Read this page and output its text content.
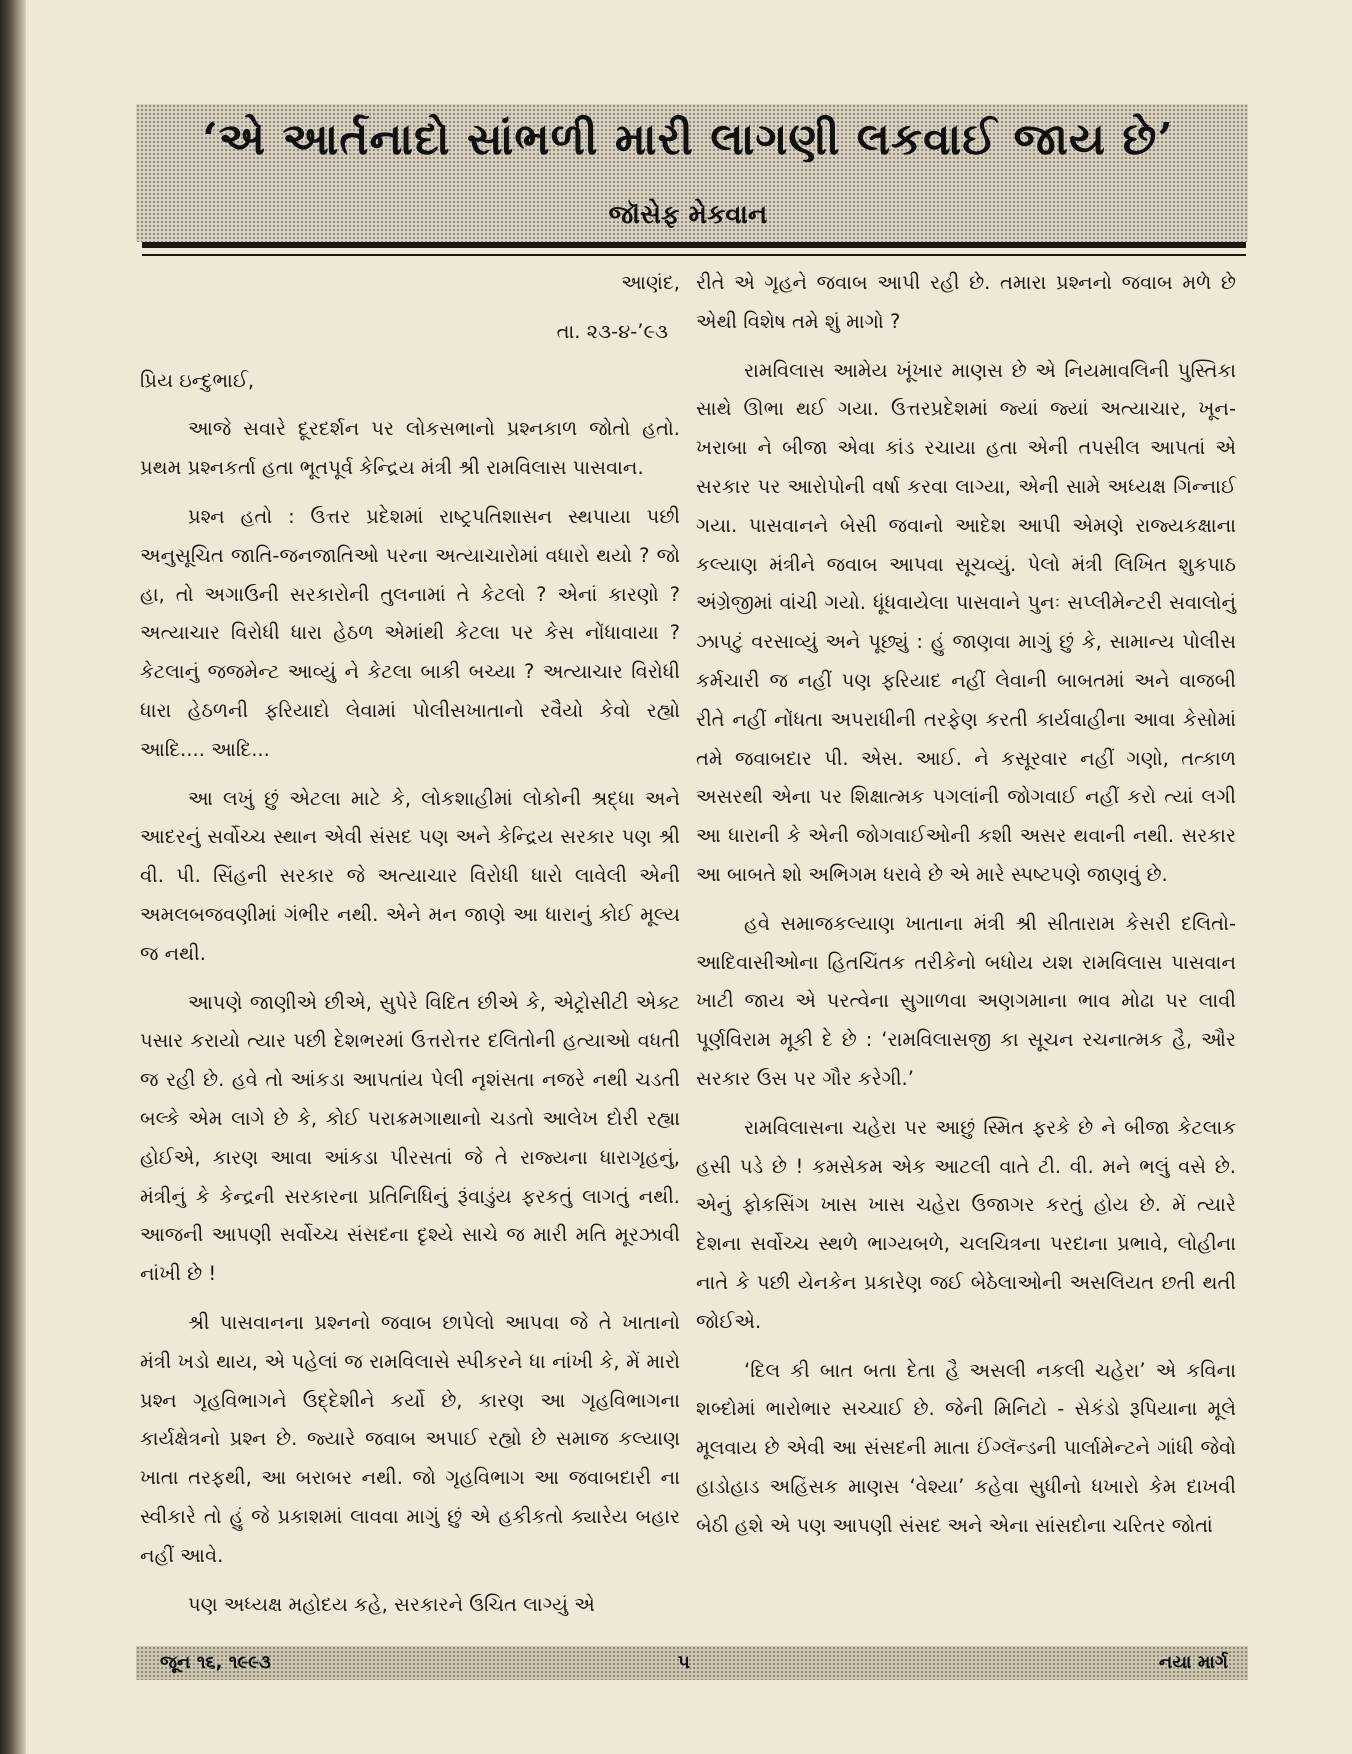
‘એ આર્તનાદો સાંભળી મારી લાગણી લકવાઈ જાય છે’
જૉસેફ મેકવાન

આણંદ,

તા. ૨૩-૪-’૯૩

પ્રિય ઇન્દુભાઈ,

આજે સવારે દૂરદર્શન પર લોકસભાનો પ્રશ્નકાળ જોતો હતો. પ્રથમ પ્રશ્નકર્તા હતા ભૂતપૂર્વ કેન્દ્રિય મંત્રી શ્રી રામવિલાસ પાસવાન.

પ્રશ્ન હતો : ઉત્તર પ્રદેશમાં રાષ્ટ્રપતિશાસન સ્થપાયા પછી અનુસૂચિત જાતિ-જનજાતિઓ પરના અત્યાચારોમાં વધારો થયો ? જો હા, તો અગાઉની સરકારોની તુલનામાં તે કેટલો ? એનાં કારણો ? અત્યાચાર વિરોધી ધારા હેઠળ એમાંથી કેટલા પર કેસ નોંધાવાયા ? કેટલાનું જજમેન્ટ આવ્યું ને કેટલા બાકી બચ્યા ? અત્યાચાર વિરોધી ધારા હેઠળની ફરિયાદો લેવામાં પોલીસખાતાનો રવૈયો કેવો રહ્યો આદિ.... આદિ...

આ લખું છું એટલા માટે કે, લોકશાહીમાં લોકોની શ્રદ્ધા અને આદરનું સર્વોચ્ચ સ્થાન એવી સંસદ પણ અને કેન્દ્રિય સરકાર પણ શ્રી વી. પી. સિંહની સરકાર જે અત્યાચાર વિરોધી ધારો લાવેલી એની અમલબજવણીમાં ગંભીર નથી. એને મન જાણે આ ધારાનું કોઈ મૂલ્ય જ નથી.

આપણે જાણીએ છીએ, સુપેરે વિદિત છીએ કે, એટ્રોસીટી એક્ટ પસાર કરાયો ત્યાર પછી દેશભરમાં ઉત્તરોત્તર દલિતોની હત્યાઓ વધતી જ રહી છે. હવે તો આંકડા આપતાંય પેલી નૃશંસતા નજરે નથી ચડતી બલ્કે એમ લાગે છે કે, કોઈ પરાક્રમગાથાનો ચડતો આલેખ દોરી રહ્યા હોઈએ, કારણ આવા આંકડા પીરસતાં જે તે રાજ્યના ધારાગૃહનું, મંત્રીનું કે કેન્દ્રની સરકારના પ્રતિનિધિનું રૂંવાડુંય ફરકતું લાગતું નથી. આજની આપણી સર્વોચ્ચ સંસદના દૃશ્યે સાચે જ મારી મતિ મૂરઝાવી નાંખી છે !

શ્રી પાસવાનના પ્રશ્નનો જવાબ છાપેલો આપવા જે તે ખાતાનો મંત્રી ખડો થાય, એ પહેલાં જ રામવિલાસે સ્પીકરને ધા નાંખી કે, મેં મારો પ્રશ્ન ગૃહવિભાગને ઉદ્દેશીને કર્યો છે, કારણ આ ગૃહવિભાગના કાર્યક્ષેત્રનો પ્રશ્ન છે. જ્યારે જવાબ અપાઈ રહ્યો છે સમાજ કલ્યાણ ખાતા તરફથી, આ બરાબર નથી. જો ગૃહવિભાગ આ જવાબદારી ના સ્વીકારે તો હું જે પ્રકાશમાં લાવવા માગું છું એ હકીકતો ક્યારેય બહાર નહીં આવે.

પણ અધ્યક્ષ મહોદય કહે, સરકારને ઉચિત લાગ્યું એ

રીતે એ ગૃહને જવાબ આપી રહી છે. તમારા પ્રશ્નનો જવાબ મળે છે એથી વિશેષ તમે શું માગો ?

રામવિલાસ આમેય ખૂંખાર માણસ છે એ નિયમાવલિની પુસ્તિકા સાથે ઊભા થઈ ગયા. ઉત્તરપ્રદેશમાં જ્યાં જ્યાં અત્યાચાર, ખૂન-ખરાબા ને બીજા એવા કાંડ રચાયા હતા એની તપસીલ આપતાં એ સરકાર પર આરોપોની વર્ષા કરવા લાગ્યા, એની સામે અધ્યક્ષ ગિન્નાઈ ગયા. પાસવાનને બેસી જવાનો આદેશ આપી એમણે રાજ્યકક્ષાના કલ્યાણ મંત્રીને જવાબ આપવા સૂચવ્યું. પેલો મંત્રી લિખિત શુકપાઠ અંગ્રેજીમાં વાંચી ગયો. ધૂંધવાયેલા પાસવાને પુનઃ સપ્લીમેન્ટરી સવાલોનું ઝાપટું વરસાવ્યું અને પૂછ્યું : હું જાણવા માગું છું કે, સામાન્ય પોલીસ કર્મચારી જ નહીં પણ ફરિયાદ નહીં લેવાની બાબતમાં અને વાજબી રીતે નહીં નોંધતા અપરાધીની તરફેણ કરતી કાર્યવાહીના આવા કેસોમાં તમે જવાબદાર પી. એસ. આઈ. ને કસૂરવાર નહીં ગણો, તત્કાળ અસરથી એના પર શિક્ષાત્મક પગલાંની જોગવાઈ નહીં કરો ત્યાં લગી આ ધારાની કે એની જોગવાઈઓની કશી અસર થવાની નથી. સરકાર આ બાબતે શો અભિગમ ધરાવે છે એ મારે સ્પષ્ટપણે જાણવું છે.

હવે સમાજકલ્યાણ ખાતાના મંત્રી શ્રી સીતારામ કેસરી દલિતો-આદિવાસીઓના હિતચિંતક તરીકેનો બધોય યશ રામવિલાસ પાસવાન ખાટી જાય એ પરત્વેના સુગાળવા અણગમાના ભાવ મોઢા પર લાવી પૂર્ણવિરામ મૂકી દે છે : ‘રામવિલાસજી કા સૂચન રચનાત્મક હૈ, ઔર સરકાર ઉસ પર ગૌર કરેગી.’

રામવિલાસના ચહેરા પર આછું સ્મિત ફરકે છે ને બીજા કેટલાક હસી પડે છે ! કમસેકમ એક આટલી વાતે ટી. વી. મને ભલું વસે છે. એનું ફોકસિંગ ખાસ ખાસ ચહેરા ઉજાગર કરતું હોય છે. મેં ત્યારે દેશના સર્વોચ્ચ સ્થળે ભાગ્યબળે, ચલચિત્રના પરદાના પ્રભાવે, લોહીના નાતે કે પછી યેનકેન પ્રકારેણ જઈ બેઠેલાઓની અસલિયત છતી થતી જોઈએ.

‘દિલ કી બાત બતા દેતા હૈ અસલી નકલી ચહેરા’ એ કવિના શબ્દોમાં ભારોભાર સચ્ચાઈ છે. જેની મિનિટો - સેકંડો રૂપિયાના મૂલે મૂલવાય છે એવી આ સંસદની માતા ઈંગ્લૅન્ડની પાર્લામેન્ટને ગાંધી જેવો હાડોહાડ અહિંસક માણસ ‘વેશ્યા’ કહેવા સુધીનો ધખારો કેમ દાખવી બેઠી હશે એ પણ આપણી સંસદ અને એના સાંસદોના ચરિતર જોતાં

જૂન ૧૬, ૧૯૯૩	૫	નયા માર્ગ
